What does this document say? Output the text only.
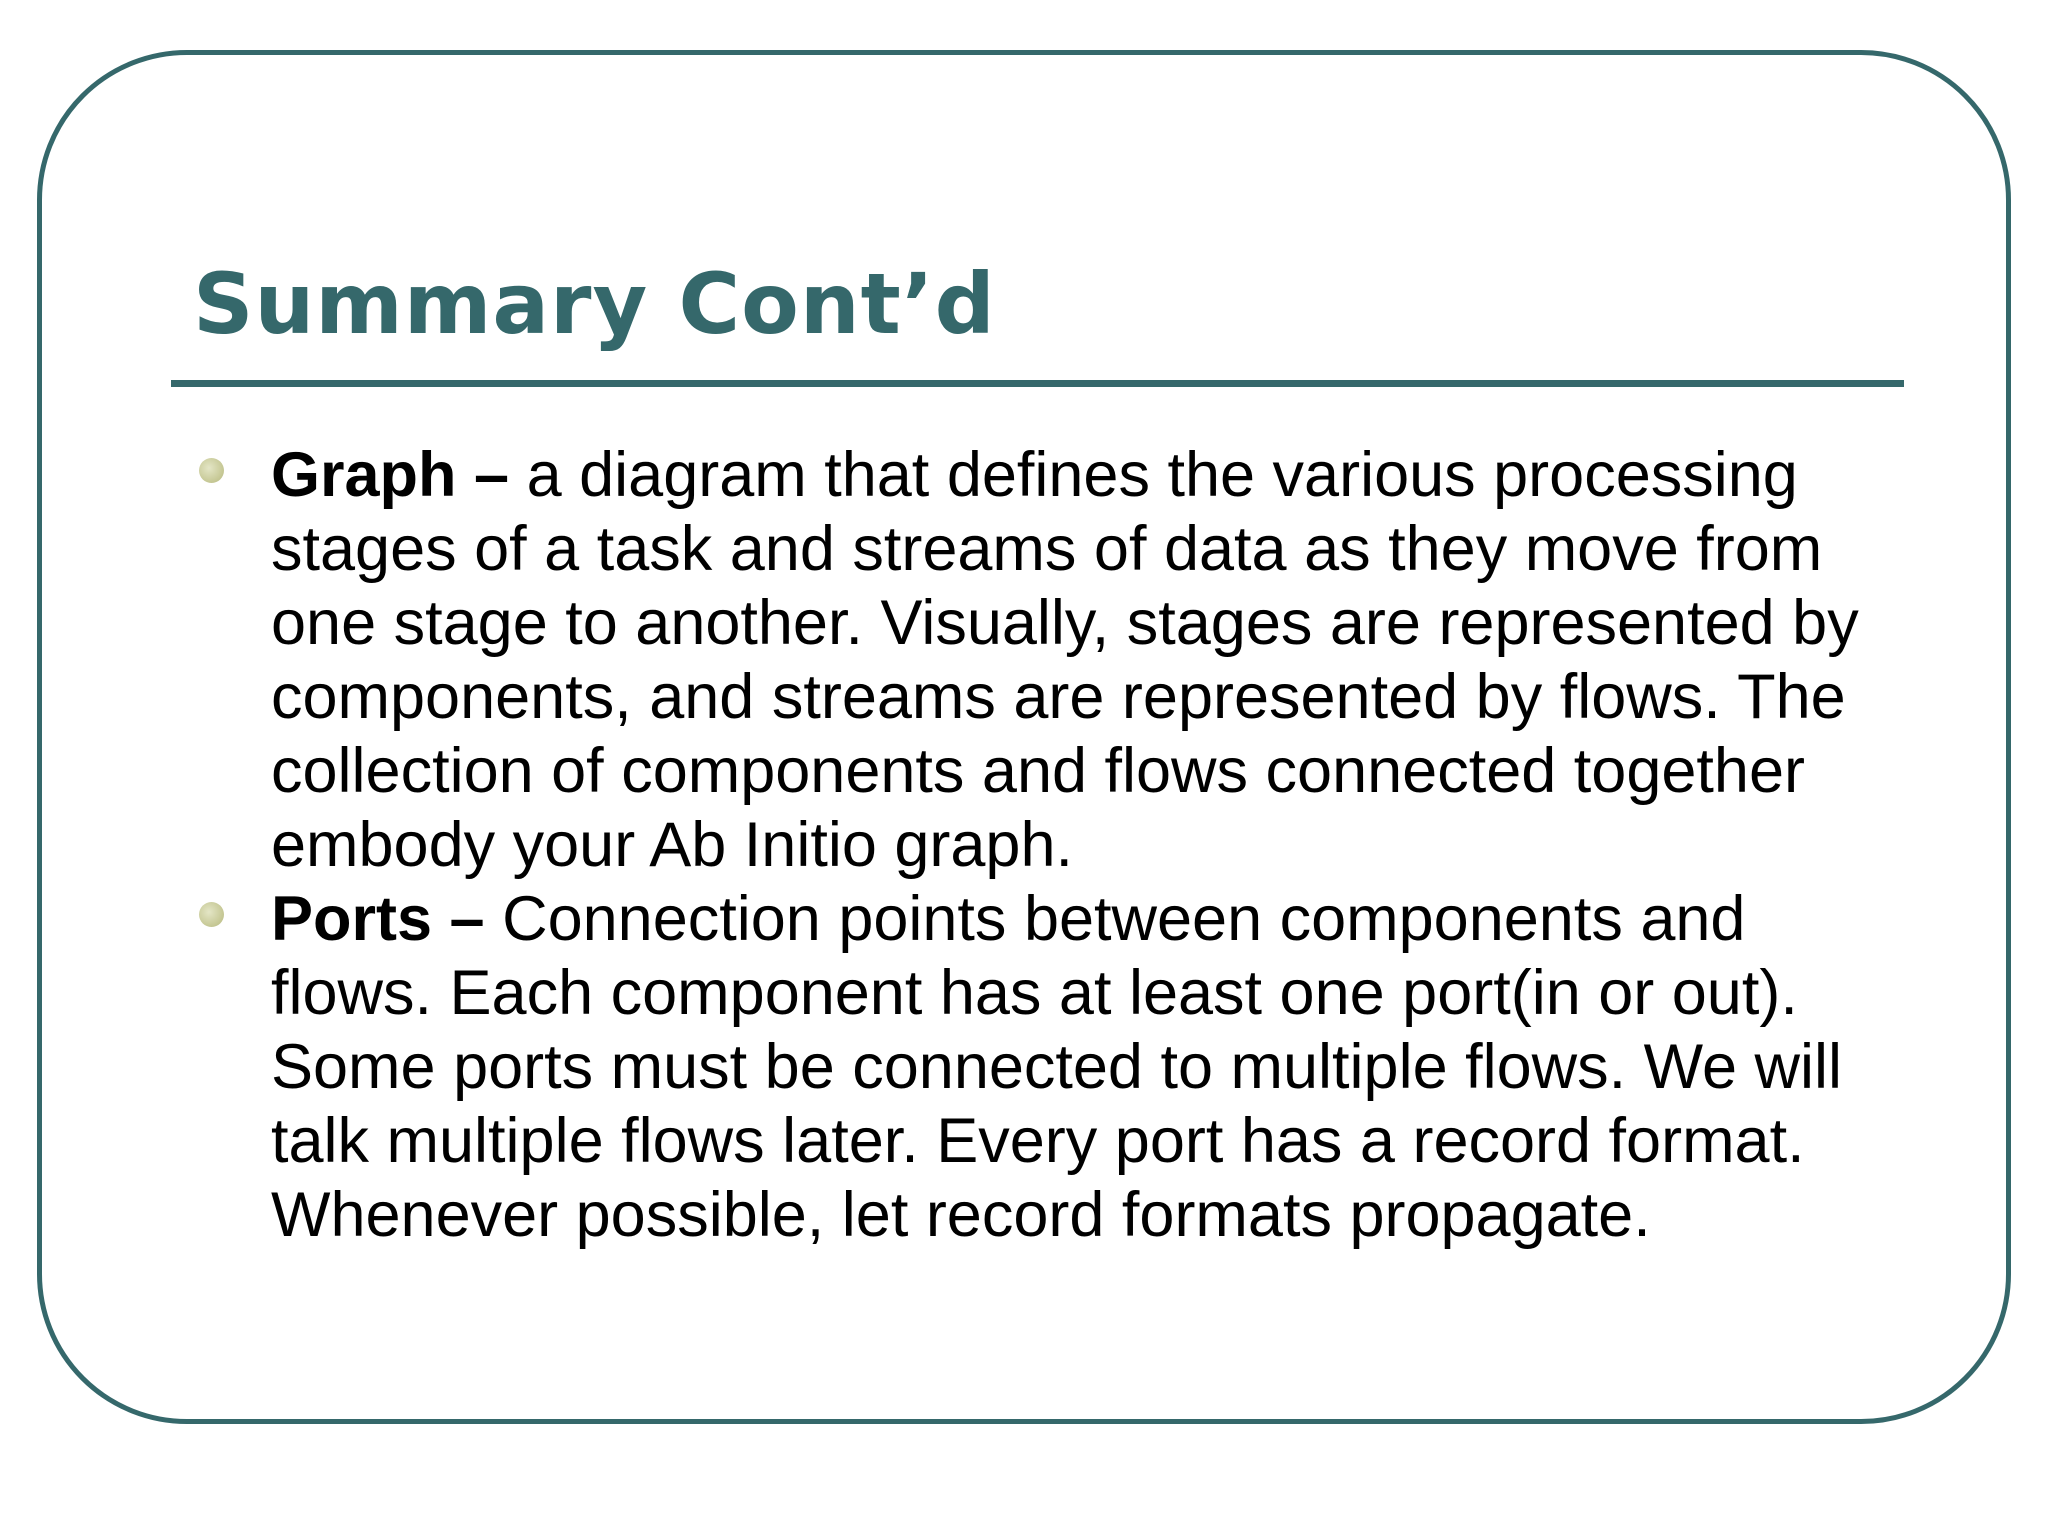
Summary Cont’d
Graph – a diagram that defines the various processing stages of a task and streams of data as they move from one stage to another. Visually, stages are represented by components, and streams are represented by flows. The collection of components and flows connected together embody your Ab Initio graph.
Ports – Connection points between components and flows. Each component has at least one port(in or out). Some ports must be connected to multiple flows. We will talk multiple flows later. Every port has a record format. Whenever possible, let record formats propagate.
